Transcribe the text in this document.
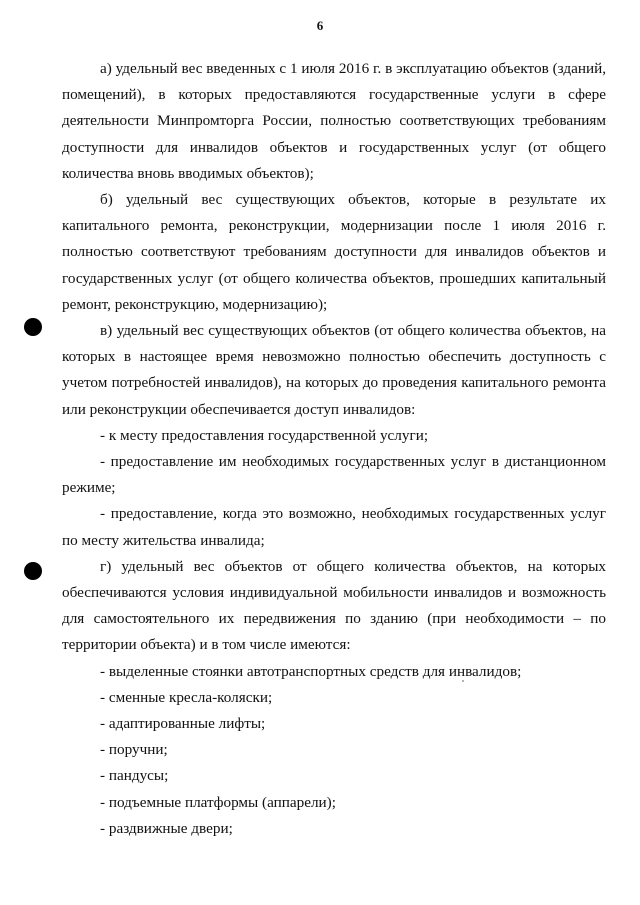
6

а) удельный вес введенных с 1 июля 2016 г. в эксплуатацию объектов (зданий, помещений), в которых предоставляются государственные услуги в сфере деятельности Минпромторга России, полностью соответствующих требованиям доступности для инвалидов объектов и государственных услуг (от общего количества вновь вводимых объектов);

б) удельный вес существующих объектов, которые в результате их капитального ремонта, реконструкции, модернизации после 1 июля 2016 г. полностью соответствуют требованиям доступности для инвалидов объектов и государственных услуг (от общего количества объектов, прошедших капитальный ремонт, реконструкцию, модернизацию);

в) удельный вес существующих объектов (от общего количества объектов, на которых в настоящее время невозможно полностью обеспечить доступность с учетом потребностей инвалидов), на которых до проведения капитального ремонта или реконструкции обеспечивается доступ инвалидов:

- к месту предоставления государственной услуги;

- предоставление им необходимых государственных услуг в дистанционном режиме;

- предоставление, когда это возможно, необходимых государственных услуг по месту жительства инвалида;

г) удельный вес объектов от общего количества объектов, на которых обеспечиваются условия индивидуальной мобильности инвалидов и возможность для самостоятельного их передвижения по зданию (при необходимости – по территории объекта) и в том числе имеются:

- выделенные стоянки автотранспортных средств для инвалидов;

- сменные кресла-коляски;

- адаптированные лифты;

- поручни;

- пандусы;

- подъемные платформы (аппарели);

- раздвижные двери;
